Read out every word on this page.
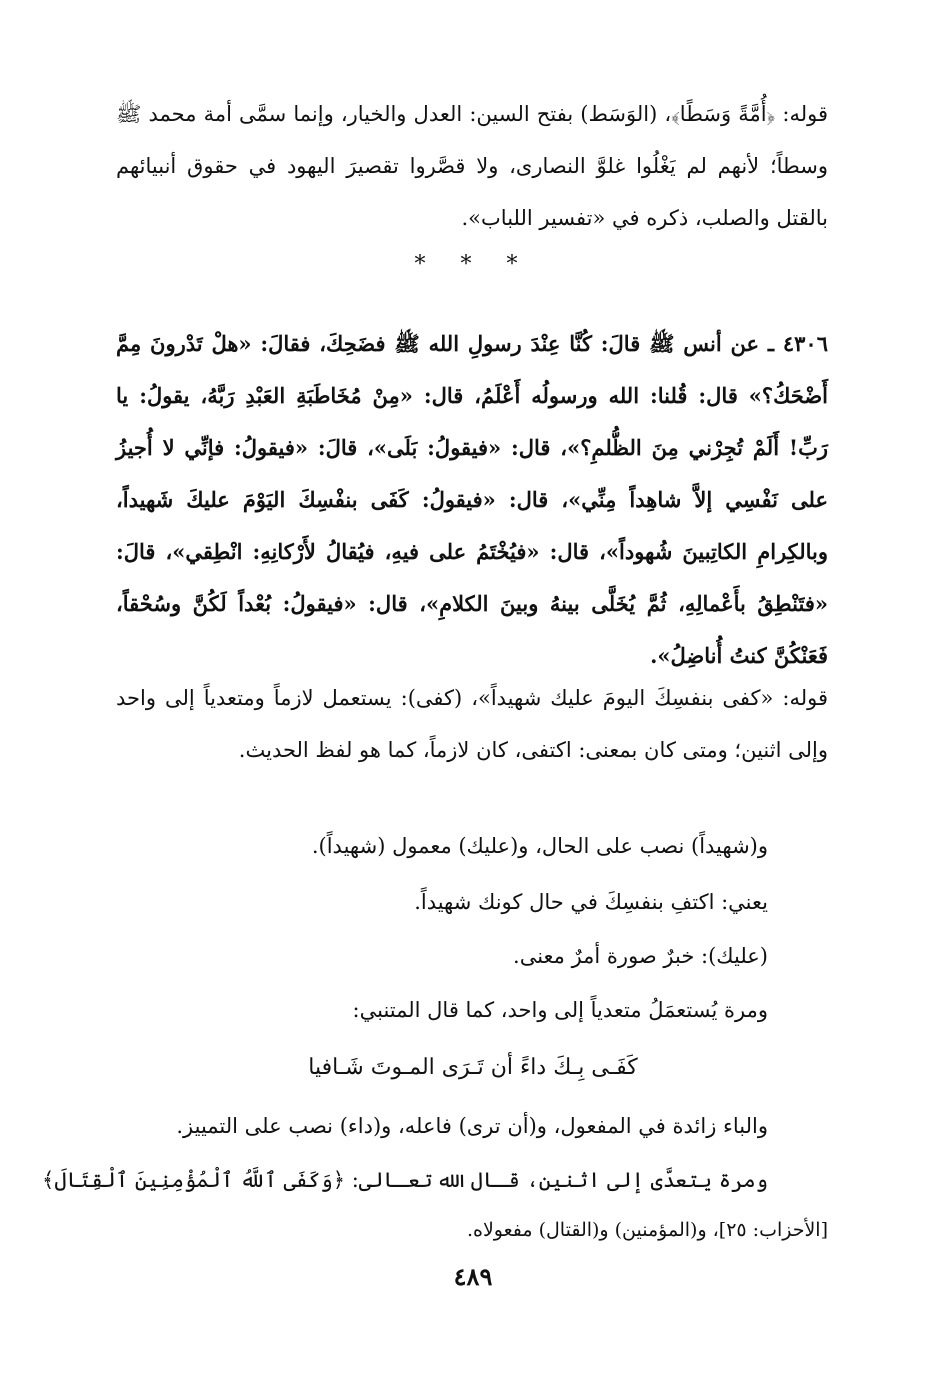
قوله: ﴿أُمَّةً وَسَطًا﴾، (الوَسَط) بفتح السين: العدل والخيار، وإنما سمَّى أمة محمد ﷺ وسطاً؛ لأنهم لم يَغْلُوا غلوَّ النصارى، ولا قصَّروا تقصيرَ اليهود في حقوق أنبيائهم بالقتل والصلب، ذكره في «تفسير اللباب».

* * *

٤٣٠٦ ـ عن أنس ﷺ قالَ: كُنَّا عِنْدَ رسولِ الله ﷺ فضَحِكَ، فقالَ: «هلْ تَدْرونَ مِمَّ أَضْحَكُ؟» قال: قُلنا: الله ورسولُه أَعْلَمُ، قال: «مِنْ مُخَاطَبَةِ العَبْدِ رَبَّهُ، يقولُ: يا رَبِّ! أَلَمْ تُجِرْني مِنَ الظُّلمِ؟»، قال: «فيقولُ: بَلَى»، قالَ: «فيقولُ: فإنِّي لا أُجيزُ على نَفْسِي إلاَّ شاهِداً مِنِّي»، قال: «فيقولُ: كَفَى بنفْسِكَ اليَوْمَ عليكَ شَهيداً، وبالكِرامِ الكاتِبينَ شُهوداً»، قال: «فيُخْتَمُ على فيهِ، فيُقالُ لأَرْكانِهِ: انْطِقي»، قالَ: «فتَنْطِقُ بأَعْمالِهِ، ثُمَّ يُخَلَّى بينهُ وبينَ الكلامِ»، قال: «فيقولُ: بُعْداً لَكُنَّ وسُحْقاً، فَعَنْكُنَّ كنتُ أُناضِلُ».

قوله: «كفى بنفسِكَ اليومَ عليك شهيداً»، (كفى): يستعمل لازماً ومتعدياً إلى واحد وإلى اثنين؛ ومتى كان بمعنى: اكتفى، كان لازماً، كما هو لفظ الحديث.

و(شهيداً) نصب على الحال، و(عليك) معمول (شهيداً).

يعني: اكتفِ بنفسِكَ في حال كونك شهيداً.

(عليك): خبرٌ صورة أمرٌ معنى.

ومرة يُستعمَلُ متعدياً إلى واحد، كما قال المتنبي:

كَفَـى بِـكَ داءً أن تَـرَى المـوتَ شَـافيا

والباء زائدة في المفعول، و(أن ترى) فاعله، و(داء) نصب على التمييز.

ومرة يتعدَّى إلى اثنين، قـال الله تعـالى: ﴿وَكَفَى ٱللَّهُ ٱلْمُؤْمِنِينَ ٱلْقِتَالَ﴾

[الأحزاب: ٢٥]، و(المؤمنين) و(القتال) مفعولاه.

٤٨٩
